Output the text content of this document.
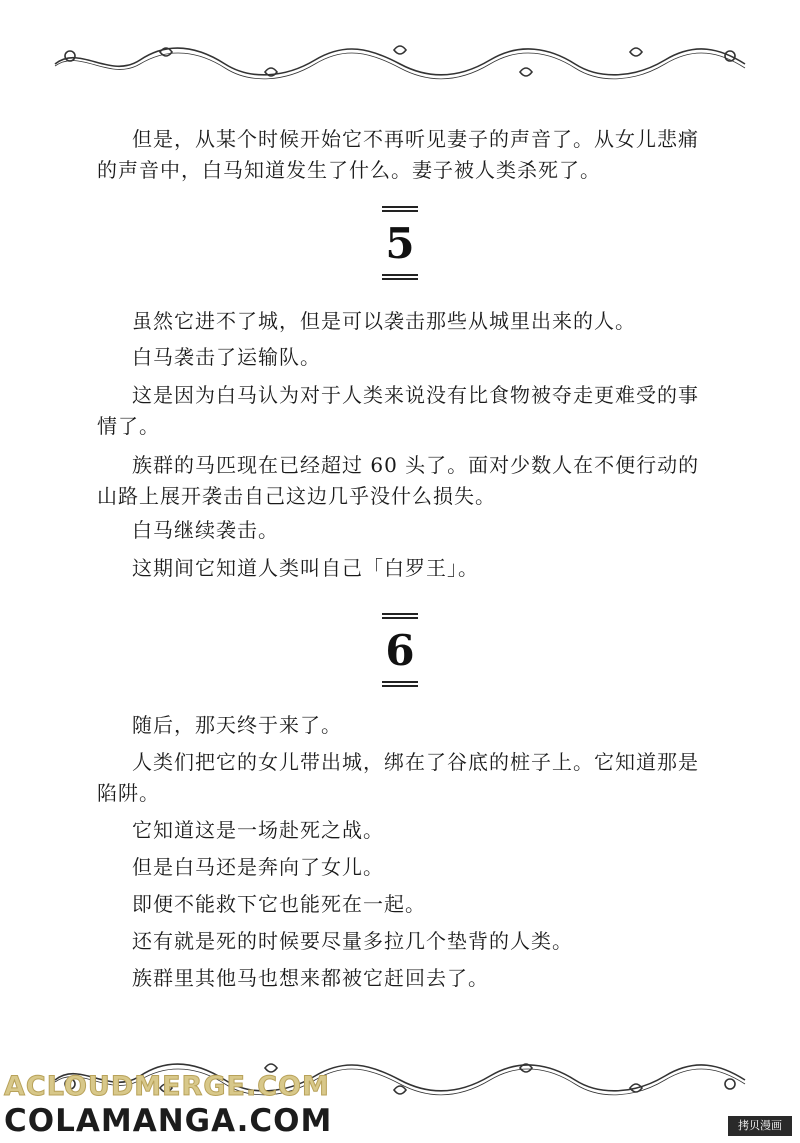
但是，从某个时候开始它不再听见妻子的声音了。从女儿悲痛的声音中，白马知道发生了什么。妻子被人类杀死了。

5

虽然它进不了城，但是可以袭击那些从城里出来的人。

白马袭击了运输队。

这是因为白马认为对于人类来说没有比食物被夺走更难受的事情了。

族群的马匹现在已经超过 60 头了。面对少数人在不便行动的山路上展开袭击自己这边几乎没什么损失。

白马继续袭击。

这期间它知道人类叫自己「白罗王」。

6

随后，那天终于来了。

人类们把它的女儿带出城，绑在了谷底的桩子上。它知道那是陷阱。

它知道这是一场赴死之战。

但是白马还是奔向了女儿。

即便不能救下它也能死在一起。

还有就是死的时候要尽量多拉几个垫背的人类。

族群里其他马也想来都被它赶回去了。

ACLOUDMERGE.COM
COLAMANGA.COM	拷贝漫画
